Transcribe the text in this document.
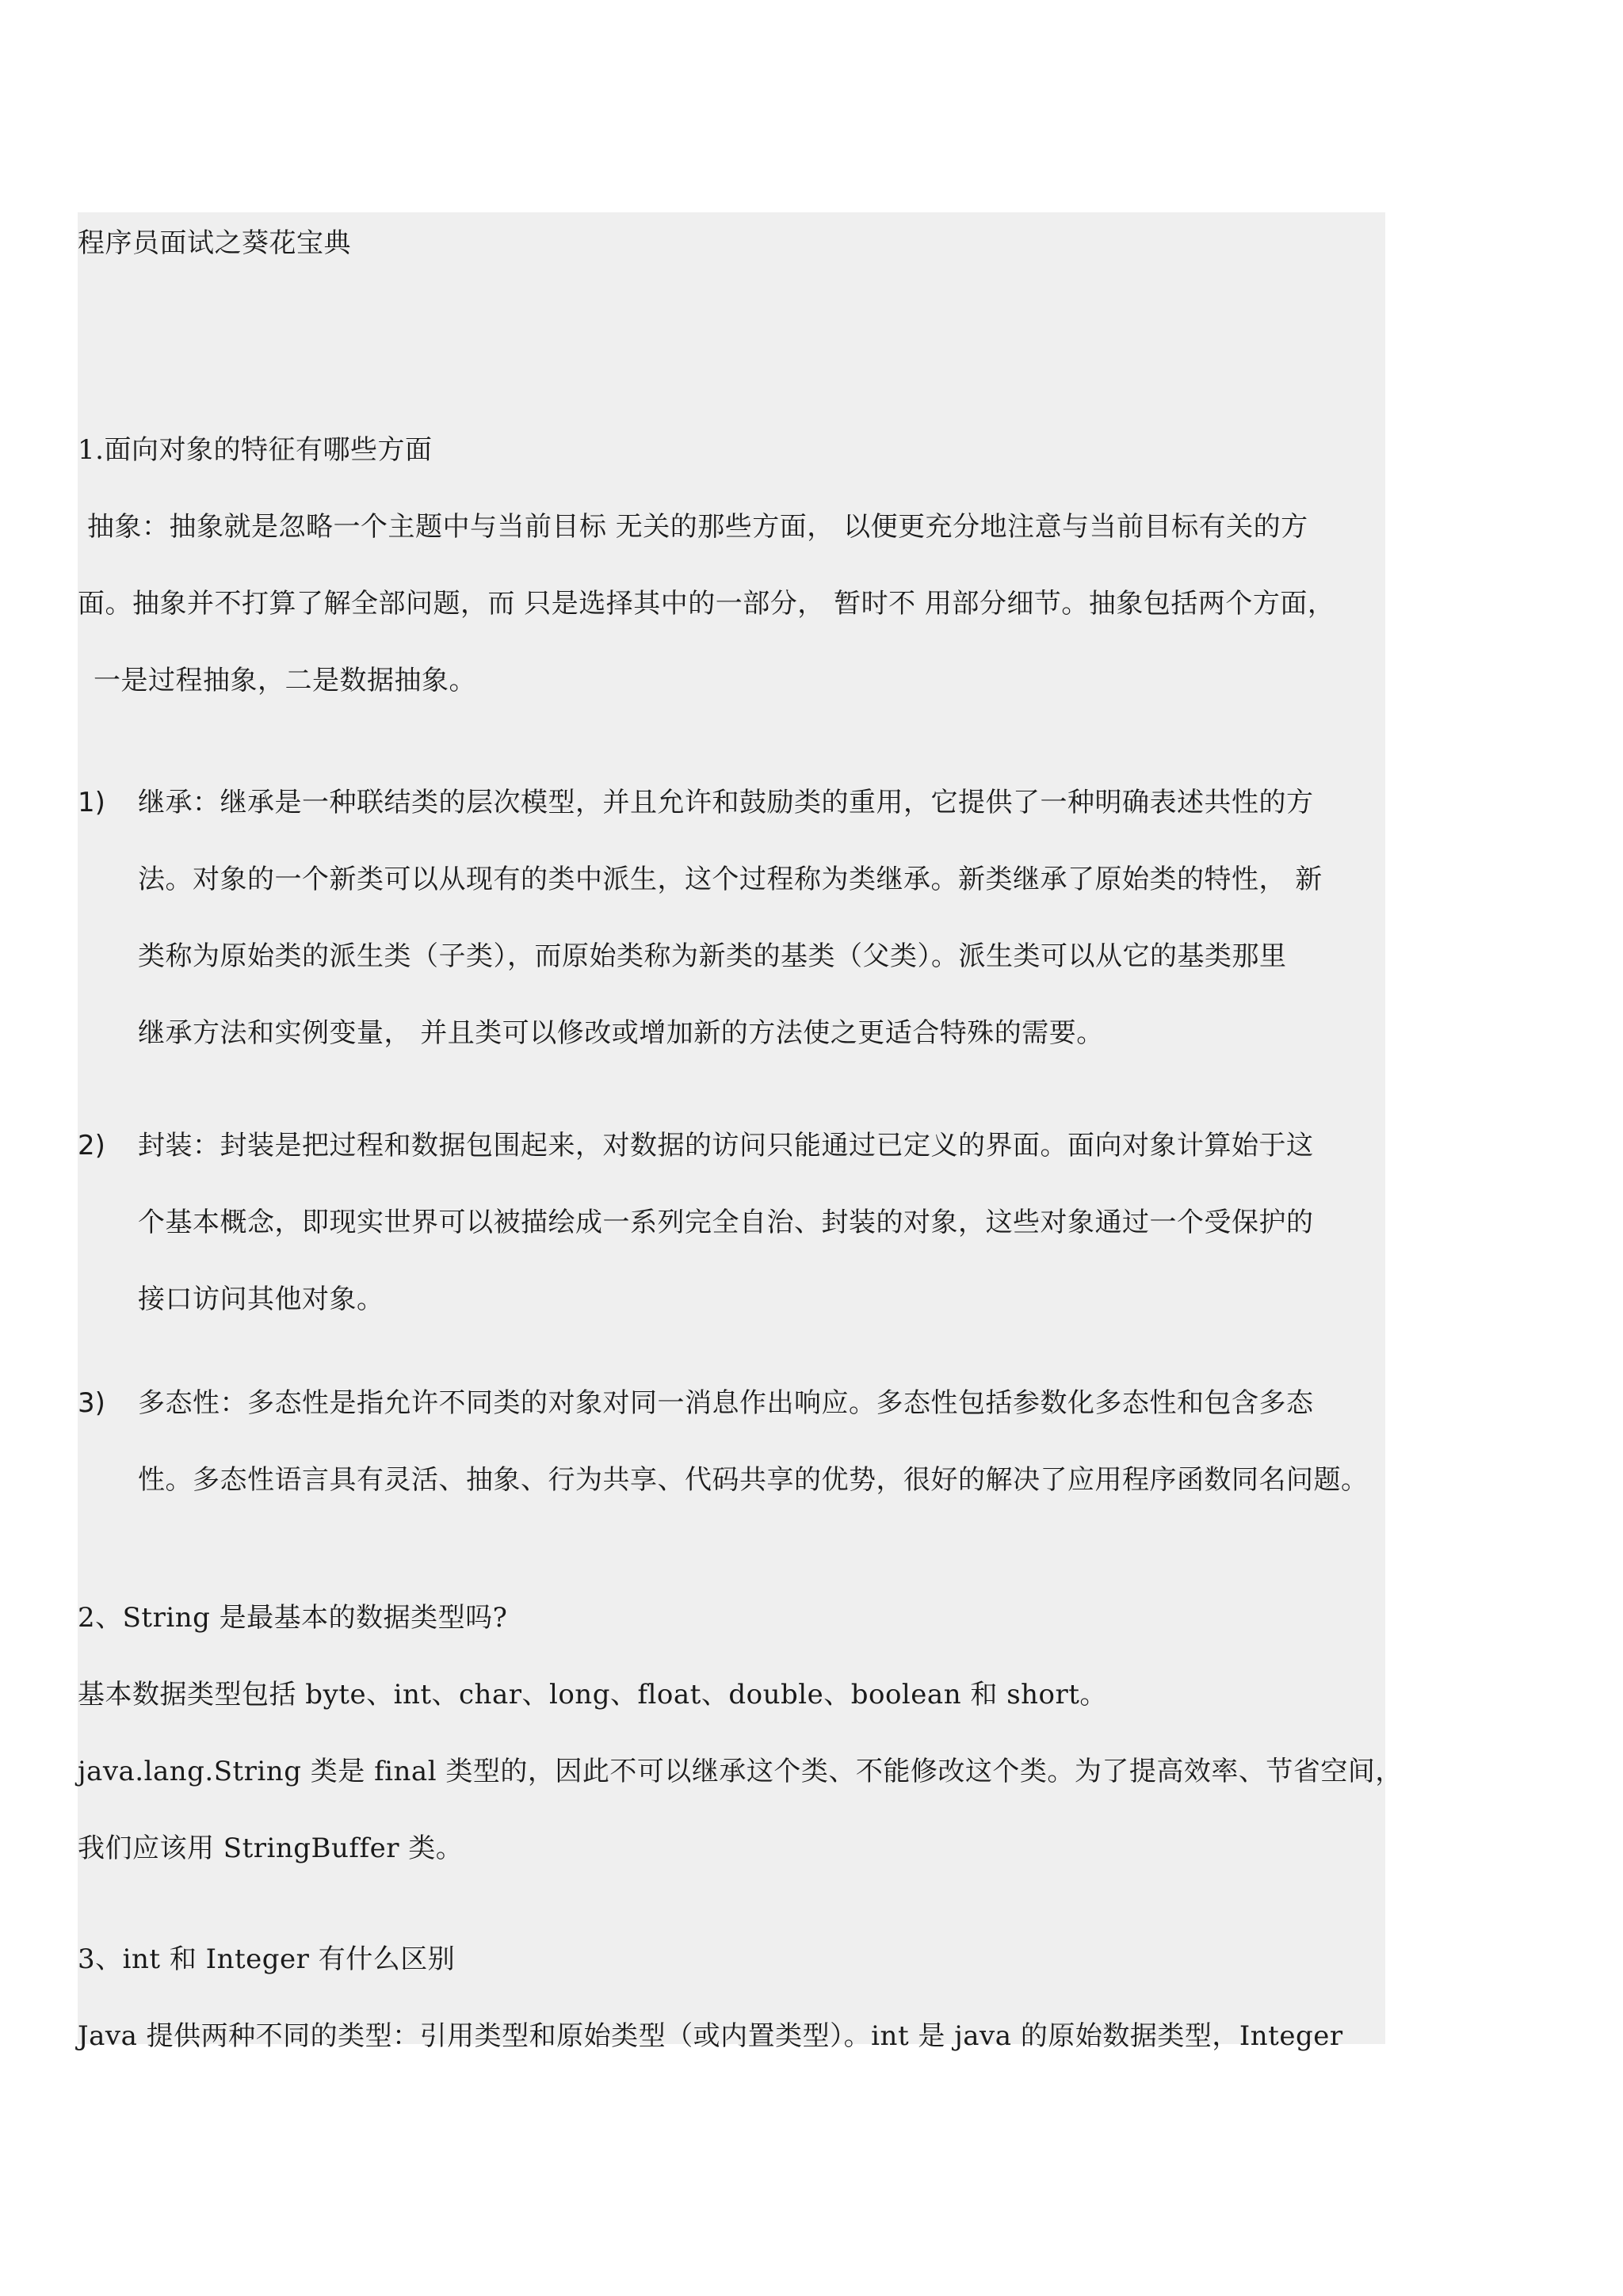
程序员面试之葵花宝典
1.面向对象的特征有哪些方面
抽象：抽象就是忽略一个主题中与当前目标 无关的那些方面， 以便更充分地注意与当前目标有关的方
面。抽象并不打算了解全部问题，而 只是选择其中的一部分， 暂时不 用部分细节。抽象包括两个方面，
一是过程抽象，二是数据抽象。
1) 继承：继承是一种联结类的层次模型，并且允许和鼓励类的重用，它提供了一种明确表述共性的方
法。对象的一个新类可以从现有的类中派生，这个过程称为类继承。新类继承了原始类的特性， 新
类称为原始类的派生类（子类），而原始类称为新类的基类（父类）。派生类可以从它的基类那里
继承方法和实例变量， 并且类可以修改或增加新的方法使之更适合特殊的需要。
2) 封装：封装是把过程和数据包围起来，对数据的访问只能通过已定义的界面。面向对象计算始于这
个基本概念，即现实世界可以被描绘成一系列完全自治、封装的对象，这些对象通过一个受保护的
接口访问其他对象。
3) 多态性：多态性是指允许不同类的对象对同一消息作出响应。多态性包括参数化多态性和包含多态
性。多态性语言具有灵活、抽象、行为共享、代码共享的优势，很好的解决了应用程序函数同名问题。
2、String 是最基本的数据类型吗?
基本数据类型包括 byte、int、char、long、float、double、boolean 和 short。
java.lang.String 类是 final 类型的，因此不可以继承这个类、不能修改这个类。为了提高效率、节省空间，
我们应该用 StringBuffer 类。
3、int 和 Integer 有什么区别
Java 提供两种不同的类型：引用类型和原始类型（或内置类型）。int 是 java 的原始数据类型，Integer
